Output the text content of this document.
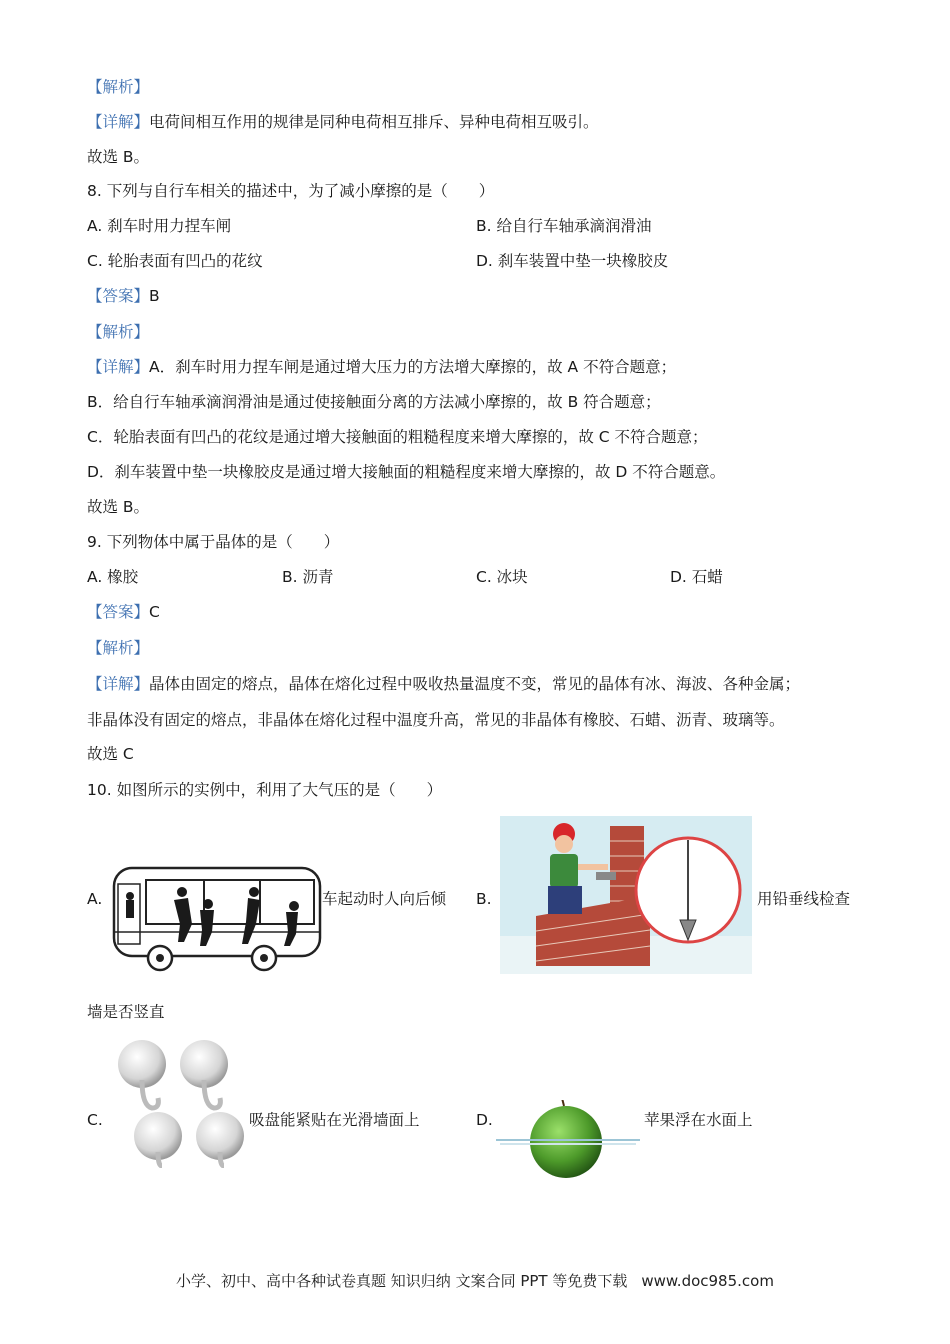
【解析】
【详解】电荷间相互作用的规律是同种电荷相互排斥、异种电荷相互吸引。
故选 B。
8. 下列与自行车相关的描述中，为了减小摩擦的是（　　）
A. 刹车时用力捏车闸	B. 给自行车轴承滴润滑油
C. 轮胎表面有凹凸的花纹	D. 刹车装置中垫一块橡胶皮
【答案】B
【解析】
【详解】A．刹车时用力捏车闸是通过增大压力的方法增大摩擦的，故 A 不符合题意；
B．给自行车轴承滴润滑油是通过使接触面分离的方法减小摩擦的，故 B 符合题意；
C．轮胎表面有凹凸的花纹是通过增大接触面的粗糙程度来增大摩擦的，故 C 不符合题意；
D．刹车装置中垫一块橡胶皮是通过增大接触面的粗糙程度来增大摩擦的，故 D 不符合题意。
故选 B。
9. 下列物体中属于晶体的是（　　）
A. 橡胶	B. 沥青	C. 冰块	D. 石蜡
【答案】C
【解析】
【详解】晶体由固定的熔点，晶体在熔化过程中吸收热量温度不变，常见的晶体有冰、海波、各种金属；
非晶体没有固定的熔点，非晶体在熔化过程中温度升高，常见的非晶体有橡胶、石蜡、沥青、玻璃等。
故选 C
10. 如图所示的实例中，利用了大气压的是（　　）
A.	车起动时人向后倾 B.	用铅垂线检查
墙是否竖直
C.	吸盘能紧贴在光滑墙面上	D.	苹果浮在水面上
小学、初中、高中各种试卷真题 知识归纳 文案合同 PPT 等免费下载 www.doc985.com
